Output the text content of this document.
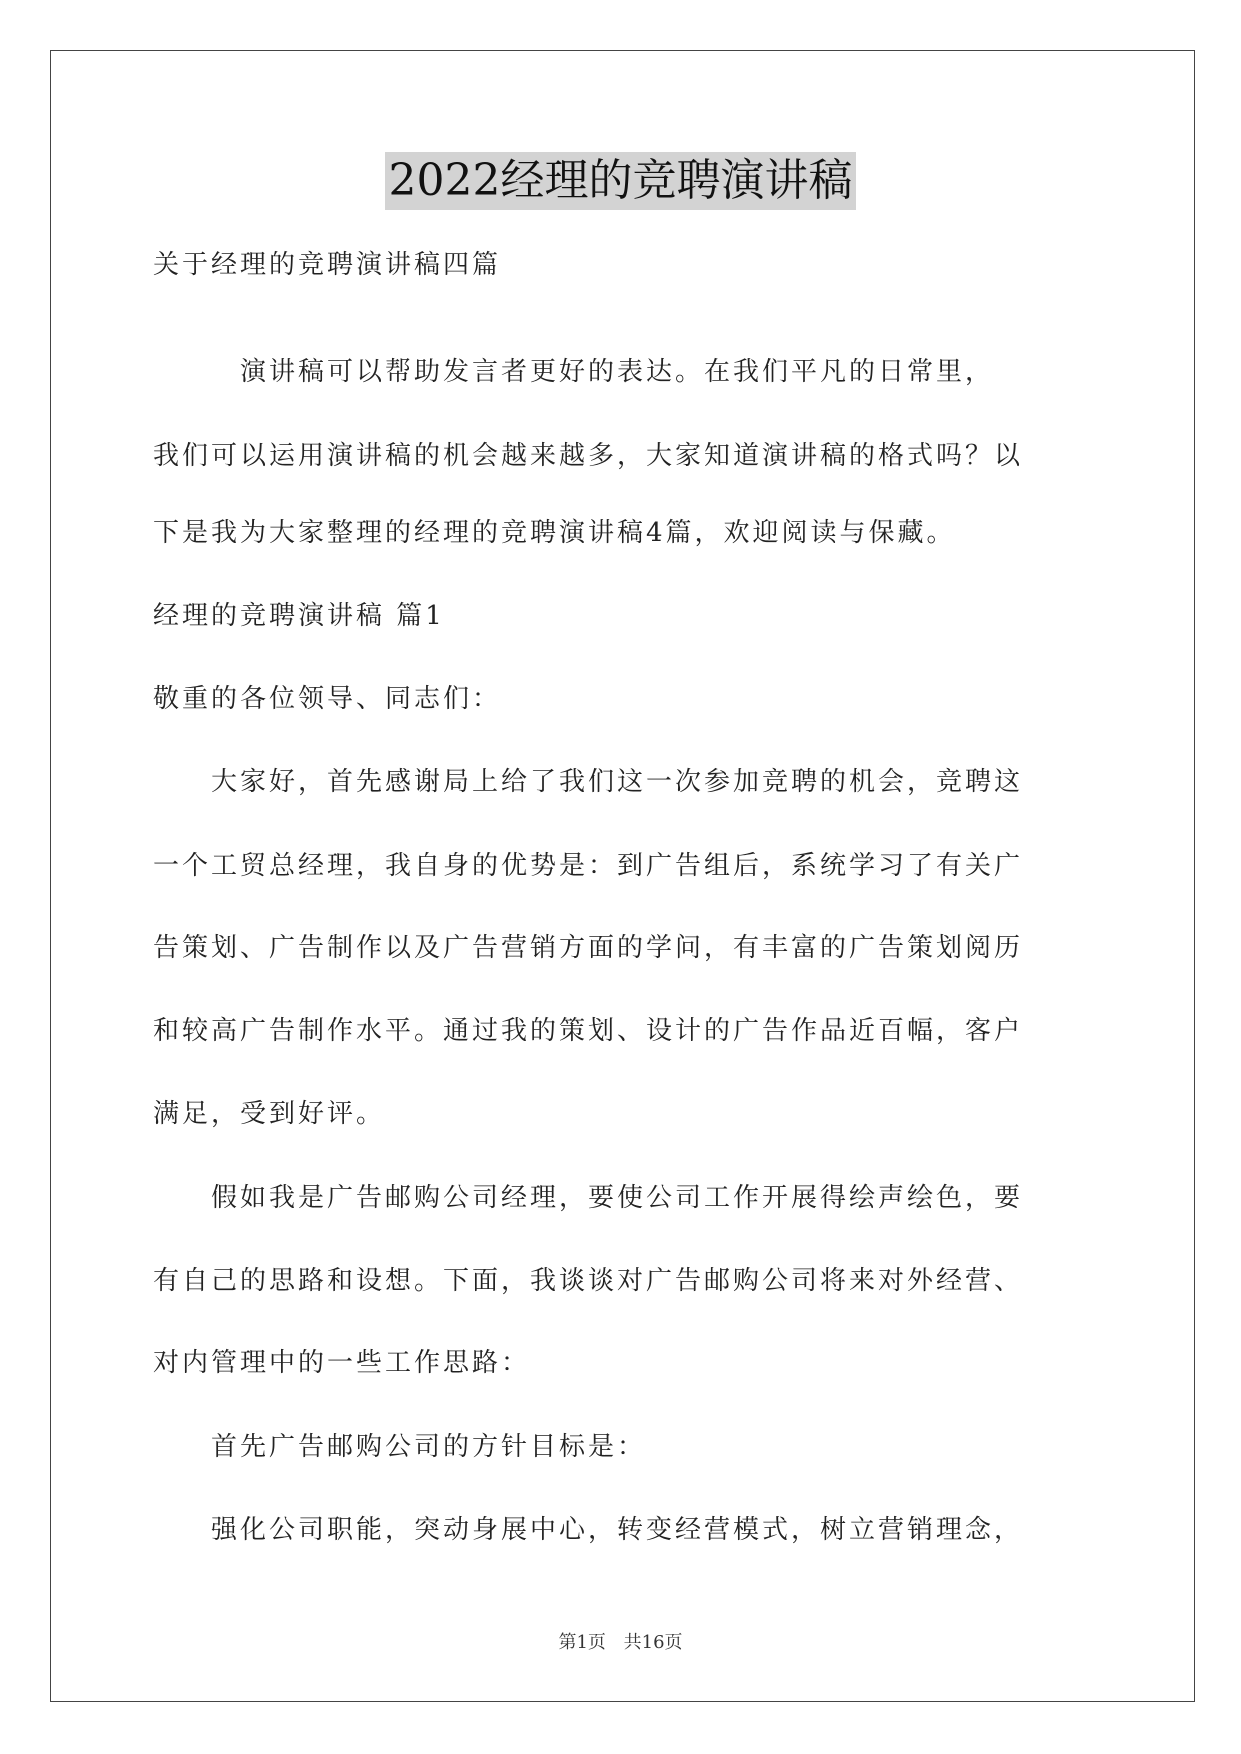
2022经理的竞聘演讲稿
关于经理的竞聘演讲稿四篇
　　　演讲稿可以帮助发言者更好的表达。在我们平凡的日常里，
我们可以运用演讲稿的机会越来越多，大家知道演讲稿的格式吗？以
下是我为大家整理的经理的竞聘演讲稿4篇，欢迎阅读与保藏。
经理的竞聘演讲稿 篇1
敬重的各位领导、同志们：
　　大家好，首先感谢局上给了我们这一次参加竞聘的机会，竞聘这
一个工贸总经理，我自身的优势是：到广告组后，系统学习了有关广
告策划、广告制作以及广告营销方面的学问，有丰富的广告策划阅历
和较高广告制作水平。通过我的策划、设计的广告作品近百幅，客户
满足，受到好评。
　　假如我是广告邮购公司经理，要使公司工作开展得绘声绘色，要
有自己的思路和设想。下面，我谈谈对广告邮购公司将来对外经营、
对内管理中的一些工作思路：
　　首先广告邮购公司的方针目标是：
　　强化公司职能，突动身展中心，转变经营模式，树立营销理念，
第1页 共16页
